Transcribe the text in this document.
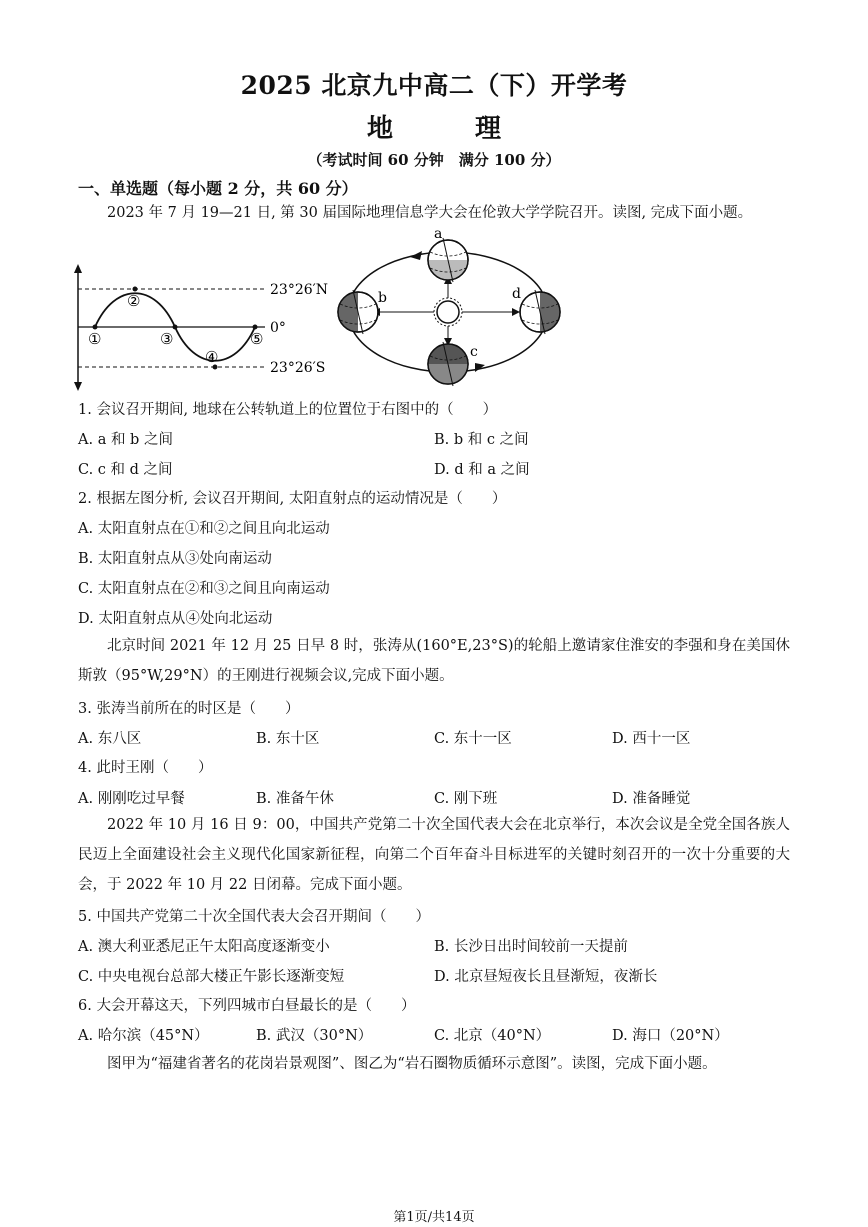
2025 北京九中高二（下）开学考
地　理
（考试时间 60 分钟　满分 100 分）
一、单选题（每小题 2 分，共 60 分）
2023 年 7 月 19—21 日, 第 30 届国际地理信息学大会在伦敦大学学院召开。读图, 完成下面小题。
①
②
③
④
⑤
23°26′N
0°
23°26′S
a
b
c
d
1. 会议召开期间, 地球在公转轨道上的位置位于右图中的（　　）
A. a 和 b 之间	B. b 和 c 之间
C. c 和 d 之间	D. d 和 a 之间
2. 根据左图分析, 会议召开期间, 太阳直射点的运动情况是（　　）
A. 太阳直射点在①和②之间且向北运动
B. 太阳直射点从③处向南运动
C. 太阳直射点在②和③之间且向南运动
D. 太阳直射点从④处向北运动
北京时间 2021 年 12 月 25 日早 8 时，张涛从(160°E,23°S)的轮船上邀请家住淮安的李强和身在美国休斯敦（95°W,29°N）的王刚进行视频会议,完成下面小题。
3. 张涛当前所在的时区是（　　）
A. 东八区	B. 东十区	C. 东十一区	D. 西十一区
4. 此时王刚（　　）
A. 刚刚吃过早餐	B. 准备午休	C. 刚下班	D. 准备睡觉
2022 年 10 月 16 日 9：00，中国共产党第二十次全国代表大会在北京举行，本次会议是全党全国各族人民迈上全面建设社会主义现代化国家新征程，向第二个百年奋斗目标进军的关键时刻召开的一次十分重要的大会，于 2022 年 10 月 22 日闭幕。完成下面小题。
5. 中国共产党第二十次全国代表大会召开期间（　　）
A. 澳大利亚悉尼正午太阳高度逐渐变小	B. 长沙日出时间较前一天提前
C. 中央电视台总部大楼正午影长逐渐变短	D. 北京昼短夜长且昼渐短，夜渐长
6. 大会开幕这天，下列四城市白昼最长的是（　　）
A. 哈尔滨（45°N）	B. 武汉（30°N）	C. 北京（40°N）	D. 海口（20°N）
图甲为“福建省著名的花岗岩景观图”、图乙为“岩石圈物质循环示意图”。读图，完成下面小题。
第1页/共14页
